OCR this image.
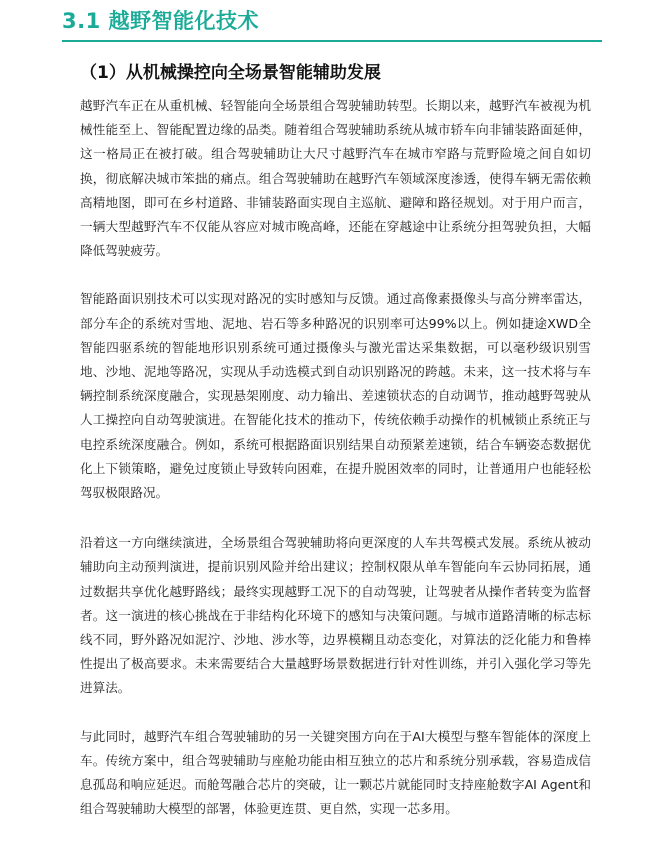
3.1 越野智能化技术
（1）从机械操控向全场景智能辅助发展

越野汽车正在从重机械、轻智能向全场景组合驾驶辅助转型。长期以来，越野汽车被视为机械性能至上、智能配置边缘的品类。随着组合驾驶辅助系统从城市轿车向非铺装路面延伸，这一格局正在被打破。组合驾驶辅助让大尺寸越野汽车在城市窄路与荒野险境之间自如切换，彻底解决城市笨拙的痛点。组合驾驶辅助在越野汽车领域深度渗透，使得车辆无需依赖高精地图，即可在乡村道路、非铺装路面实现自主巡航、避障和路径规划。对于用户而言，一辆大型越野汽车不仅能从容应对城市晚高峰，还能在穿越途中让系统分担驾驶负担，大幅降低驾驶疲劳。

智能路面识别技术可以实现对路况的实时感知与反馈。通过高像素摄像头与高分辨率雷达，部分车企的系统对雪地、泥地、岩石等多种路况的识别率可达99%以上。例如捷途XWD全智能四驱系统的智能地形识别系统可通过摄像头与激光雷达采集数据，可以毫秒级识别雪地、沙地、泥地等路况，实现从手动选模式到自动识别路况的跨越。未来，这一技术将与车辆控制系统深度融合，实现悬架刚度、动力输出、差速锁状态的自动调节，推动越野驾驶从人工操控向自动驾驶演进。在智能化技术的推动下，传统依赖手动操作的机械锁止系统正与电控系统深度融合。例如，系统可根据路面识别结果自动预紧差速锁，结合车辆姿态数据优化上下锁策略，避免过度锁止导致转向困难，在提升脱困效率的同时，让普通用户也能轻松驾驭极限路况。

沿着这一方向继续演进，全场景组合驾驶辅助将向更深度的人车共驾模式发展。系统从被动辅助向主动预判演进，提前识别风险并给出建议；控制权限从单车智能向车云协同拓展，通过数据共享优化越野路线；最终实现越野工况下的自动驾驶，让驾驶者从操作者转变为监督者。这一演进的核心挑战在于非结构化环境下的感知与决策问题。与城市道路清晰的标志标线不同，野外路况如泥泞、沙地、涉水等，边界模糊且动态变化，对算法的泛化能力和鲁棒性提出了极高要求。未来需要结合大量越野场景数据进行针对性训练，并引入强化学习等先进算法。

与此同时，越野汽车组合驾驶辅助的另一关键突围方向在于AI大模型与整车智能体的深度上车。传统方案中，组合驾驶辅助与座舱功能由相互独立的芯片和系统分别承载，容易造成信息孤岛和响应延迟。而舱驾融合芯片的突破，让一颗芯片就能同时支持座舱数字AI Agent和组合驾驶辅助大模型的部署，体验更连贯、更自然，实现一芯多用。
